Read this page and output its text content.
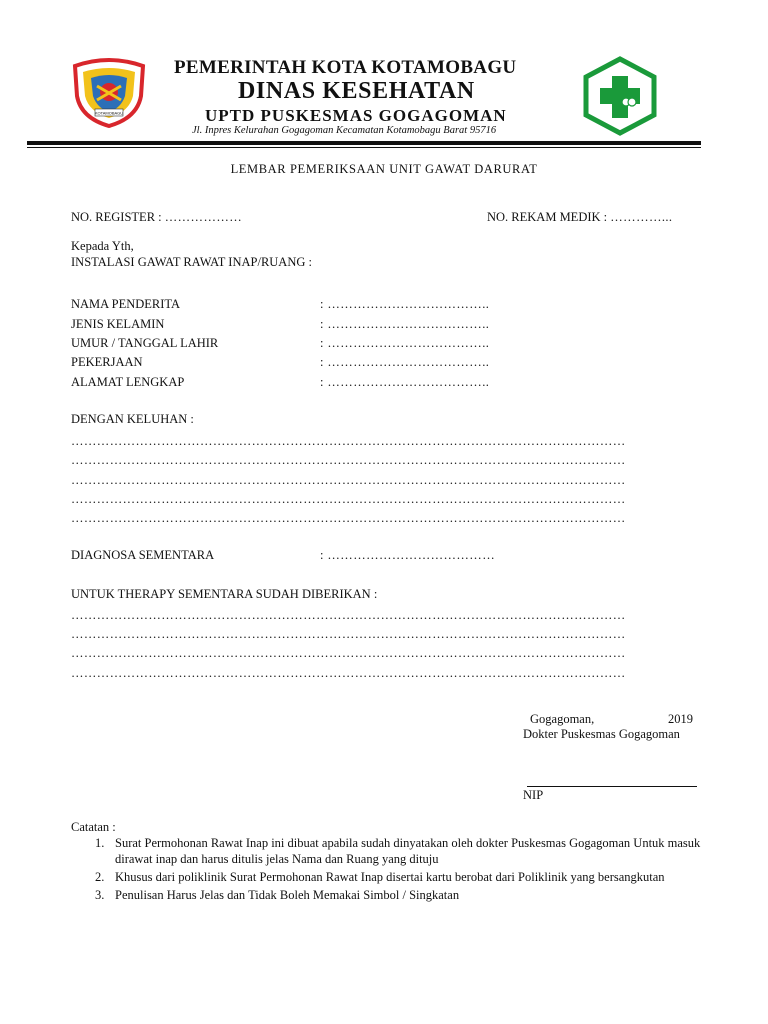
KOTAMOBAGU
PEMERINTAH KOTA KOTAMOBAGU
DINAS KESEHATAN
UPTD PUSKESMAS GOGAGOMAN
Jl. Inpres Kelurahan Gogagoman Kecamatan Kotamobagu Barat 95716
LEMBAR PEMERIKSAAN UNIT GAWAT DARURAT
NO. REGISTER : ………………	NO. REKAM MEDIK : …………...
Kepada Yth,
INSTALASI GAWAT RAWAT INAP/RUANG :
NAMA PENDERITA	: ………………………………..
JENIS KELAMIN	: ………………………………..
UMUR / TANGGAL LAHIR	: ………………………………..
PEKERJAAN	: ………………………………..
ALAMAT LENGKAP	: ………………………………..
DENGAN KELUHAN :
…………………………………………………………………………………………………………………
…………………………………………………………………………………………………………………
…………………………………………………………………………………………………………………
…………………………………………………………………………………………………………………
…………………………………………………………………………………………………………………
DIAGNOSA SEMENTARA	: …………………………………
UNTUK THERAPY SEMENTARA SUDAH DIBERIKAN :
…………………………………………………………………………………………………………………
…………………………………………………………………………………………………………………
…………………………………………………………………………………………………………………
…………………………………………………………………………………………………………………
Gogagoman,	2019
Dokter Puskesmas Gogagoman
NIP
Catatan :
1. Surat Permohonan Rawat Inap ini dibuat apabila sudah dinyatakan oleh dokter Puskesmas Gogagoman Untuk masuk dirawat inap dan harus ditulis jelas Nama dan Ruang yang dituju
2. Khusus dari poliklinik Surat Permohonan Rawat Inap disertai kartu berobat dari Poliklinik yang bersangkutan
3. Penulisan Harus Jelas dan Tidak Boleh Memakai Simbol / Singkatan
